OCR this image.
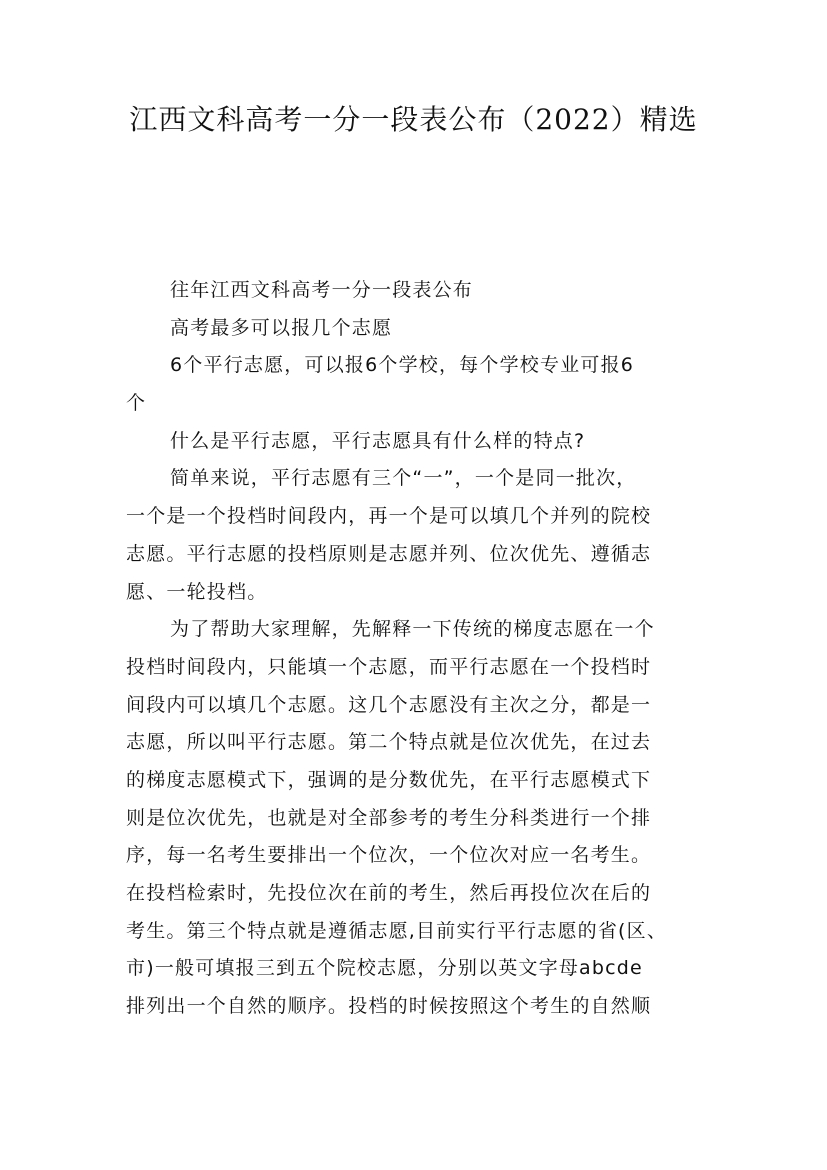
江西文科高考一分一段表公布（2022）精选
往年江西文科高考一分一段表公布
高考最多可以报几个志愿
6个平行志愿，可以报6个学校，每个学校专业可报6
个
什么是平行志愿，平行志愿具有什么样的特点?
简单来说，平行志愿有三个“一”，一个是同一批次，
一个是一个投档时间段内，再一个是可以填几个并列的院校
志愿。平行志愿的投档原则是志愿并列、位次优先、遵循志
愿、一轮投档。
为了帮助大家理解，先解释一下传统的梯度志愿在一个
投档时间段内，只能填一个志愿，而平行志愿在一个投档时
间段内可以填几个志愿。这几个志愿没有主次之分，都是一
志愿，所以叫平行志愿。第二个特点就是位次优先，在过去
的梯度志愿模式下，强调的是分数优先，在平行志愿模式下
则是位次优先，也就是对全部参考的考生分科类进行一个排
序，每一名考生要排出一个位次，一个位次对应一名考生。
在投档检索时，先投位次在前的考生，然后再投位次在后的
考生。第三个特点就是遵循志愿,目前实行平行志愿的省(区、
市)一般可填报三到五个院校志愿，分别以英文字母abcde
排列出一个自然的顺序。投档的时候按照这个考生的自然顺
